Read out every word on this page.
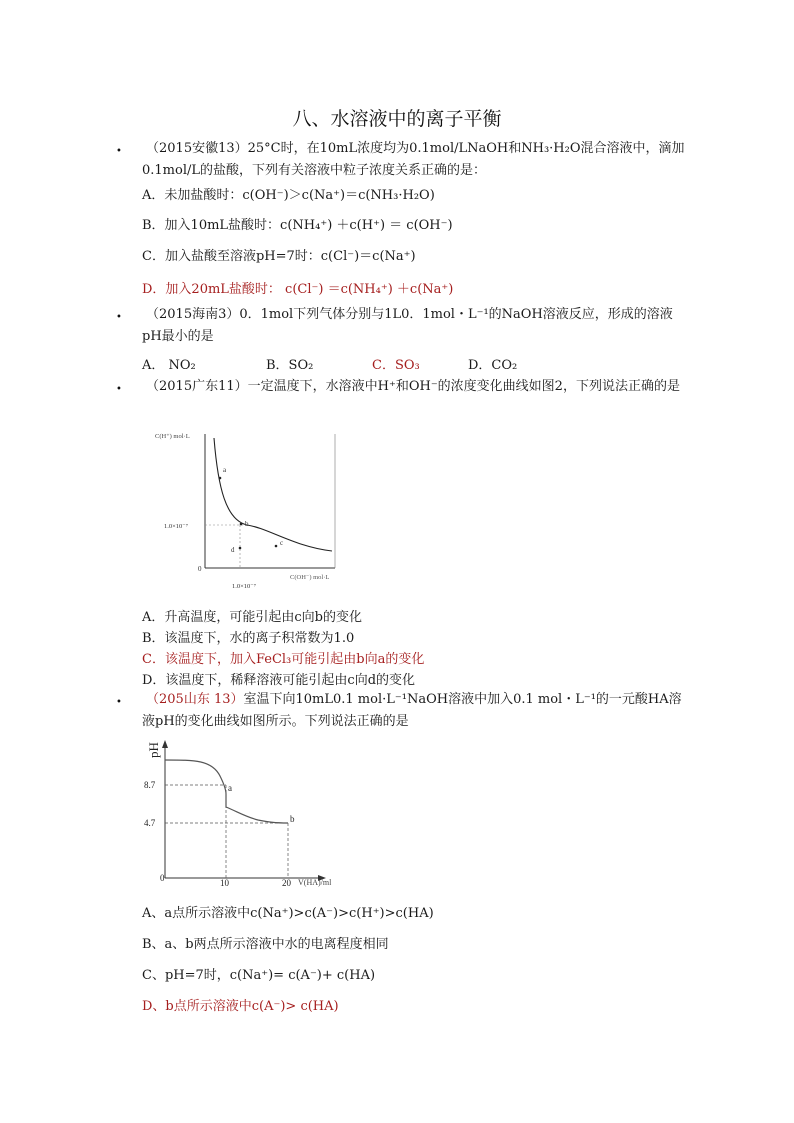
八、水溶液中的离子平衡
•	（2015安徽13）25°C时，在10mL浓度均为0.1mol/LNaOH和NH₃·H₂O混合溶液中，滴加0.1mol/L的盐酸，下列有关溶液中粒子浓度关系正确的是：
A．未加盐酸时：c(OH⁻)＞c(Na⁺)＝c(NH₃·H₂O)
B．加入10mL盐酸时：c(NH₄⁺) ＋c(H⁺) ＝ c(OH⁻)
C．加入盐酸至溶液pH=7时：c(Cl⁻)＝c(Na⁺)
D．加入20mL盐酸时： c(Cl⁻) ＝c(NH₄⁺) ＋c(Na⁺)
•	（2015海南3）0．1mol下列气体分别与1L0．1mol・L⁻¹的NaOH溶液反应，形成的溶液pH最小的是
A． NO₂	B．SO₂	C．SO₃	D．CO₂
•	（2015广东11）一定温度下，水溶液中H⁺和OH⁻的浓度变化曲线如图2，下列说法正确的是
C(H⁺) mol·L
a
b
c
d
1.0×10⁻⁷
0
1.0×10⁻⁷
C(OH⁻) mol·L
A．升高温度，可能引起由c向b的变化
B．该温度下，水的离子积常数为1.0
C．该温度下，加入FeCl₃可能引起由b向a的变化
D．该温度下，稀释溶液可能引起由c向d的变化
•	（205山东 13）室温下向10mL0.1 mol·L⁻¹NaOH溶液中加入0.1 mol・L⁻¹的一元酸HA溶液pH的变化曲线如图所示。下列说法正确的是
pH
8.7
4.7
a
b
0	10	20 V(HA)/ml
A、a点所示溶液中c(Na⁺)>c(A⁻)>c(H⁺)>c(HA)
B、a、b两点所示溶液中水的电离程度相同
C、pH=7时，c(Na⁺)= c(A⁻)+ c(HA)
D、b点所示溶液中c(A⁻)> c(HA)
